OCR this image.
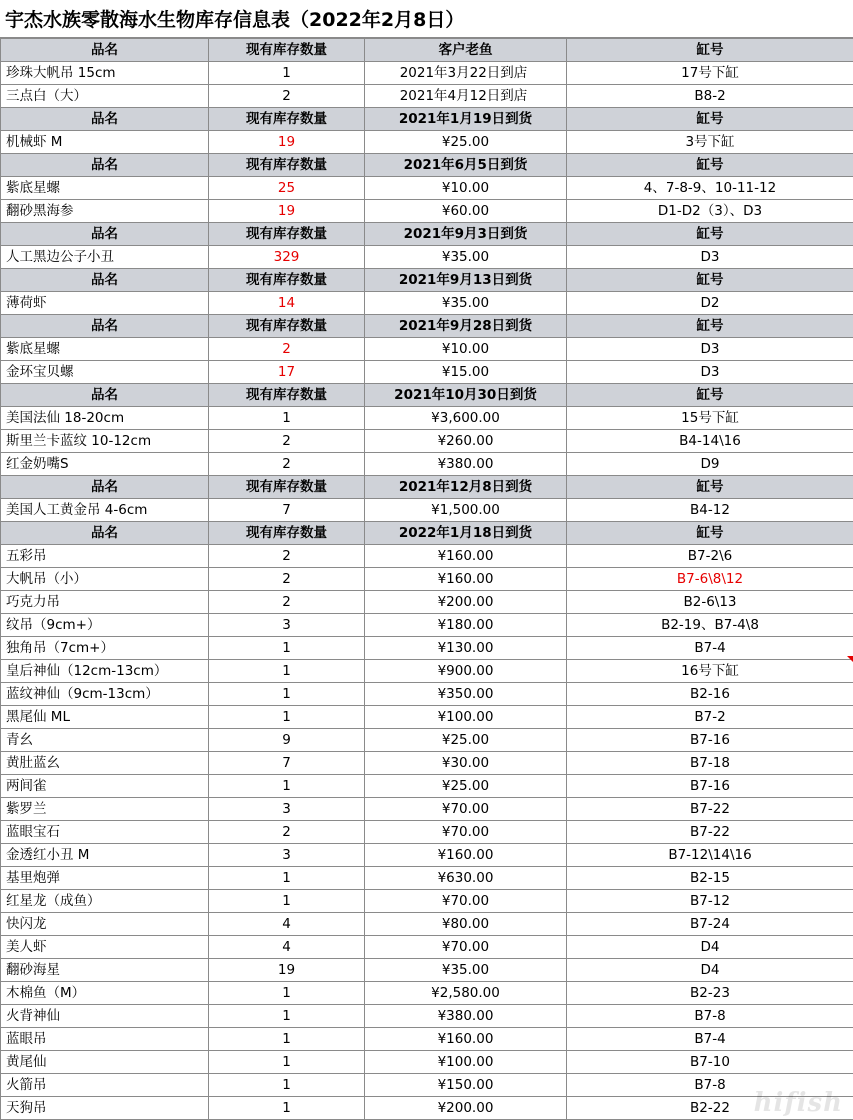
宇杰水族零散海水生物库存信息表（2022年2月8日）
品名	现有库存数量	客户老鱼	缸号
珍珠大帆吊 15cm	1	2021年3月22日到店	17号下缸
三点白（大）	2	2021年4月12日到店	B8-2
品名	现有库存数量	2021年1月19日到货	缸号
机械虾 M	19	¥25.00	3号下缸
品名	现有库存数量	2021年6月5日到货	缸号
紫底星螺	25	¥10.00	4、7-8-9、10-11-12
翻砂黑海参	19	¥60.00	D1-D2（3）、D3
品名	现有库存数量	2021年9月3日到货	缸号
人工黑边公子小丑	329	¥35.00	D3
品名	现有库存数量	2021年9月13日到货	缸号
薄荷虾	14	¥35.00	D2
品名	现有库存数量	2021年9月28日到货	缸号
紫底星螺	2	¥10.00	D3
金环宝贝螺	17	¥15.00	D3
品名	现有库存数量	2021年10月30日到货	缸号
美国法仙 18-20cm	1	¥3,600.00	15号下缸
斯里兰卡蓝纹 10-12cm	2	¥260.00	B4-14\16
红金奶嘴S	2	¥380.00	D9
品名	现有库存数量	2021年12月8日到货	缸号
美国人工黄金吊 4-6cm	7	¥1,500.00	B4-12
品名	现有库存数量	2022年1月18日到货	缸号
五彩吊	2	¥160.00	B7-2\6
大帆吊（小）	2	¥160.00	B7-6\8\12
巧克力吊	2	¥200.00	B2-6\13
纹吊（9cm+）	3	¥180.00	B2-19、B7-4\8
独角吊（7cm+）	1	¥130.00	B7-4
皇后神仙（12cm-13cm）	1	¥900.00	16号下缸
蓝纹神仙（9cm-13cm）	1	¥350.00	B2-16
黑尾仙 ML	1	¥100.00	B7-2
青幺	9	¥25.00	B7-16
黄肚蓝幺	7	¥30.00	B7-18
两间雀	1	¥25.00	B7-16
紫罗兰	3	¥70.00	B7-22
蓝眼宝石	2	¥70.00	B7-22
金透红小丑 M	3	¥160.00	B7-12\14\16
基里炮弹	1	¥630.00	B2-15
红星龙（成鱼）	1	¥70.00	B7-12
快闪龙	4	¥80.00	B7-24
美人虾	4	¥70.00	D4
翻砂海星	19	¥35.00	D4
木棉鱼（M）	1	¥2,580.00	B2-23
火背神仙	1	¥380.00	B7-8
蓝眼吊	1	¥160.00	B7-4
黄尾仙	1	¥100.00	B7-10
火箭吊	1	¥150.00	B7-8
天狗吊	1	¥200.00	B2-22 hifish
